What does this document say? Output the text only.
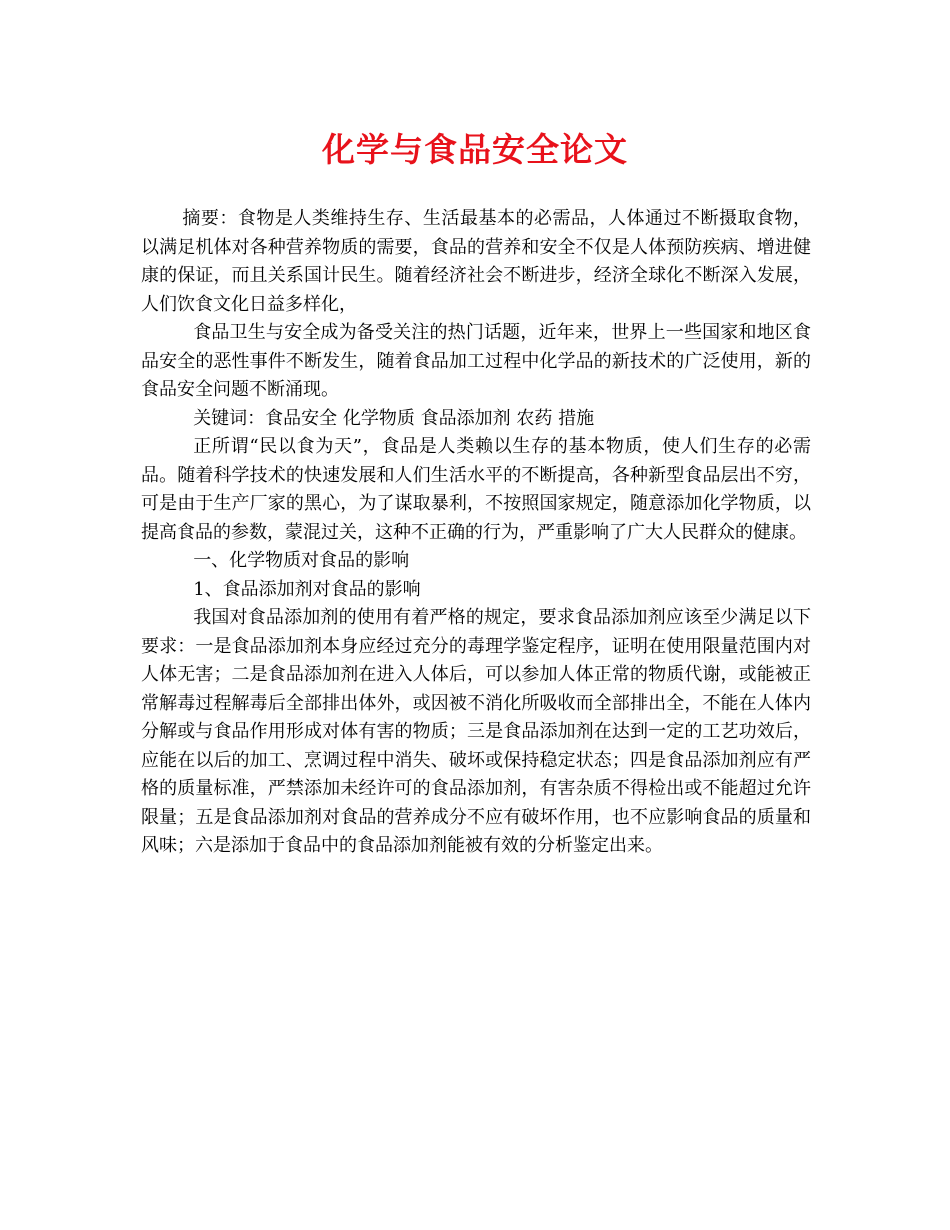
化学与食品安全论文

摘要：食物是人类维持生存、生活最基本的必需品，人体通过不断摄取食物，以满足机体对各种营养物质的需要，食品的营养和安全不仅是人体预防疾病、增进健康的保证，而且关系国计民生。随着经济社会不断进步，经济全球化不断深入发展，人们饮食文化日益多样化，

食品卫生与安全成为备受关注的热门话题，近年来，世界上一些国家和地区食品安全的恶性事件不断发生，随着食品加工过程中化学品的新技术的广泛使用，新的食品安全问题不断涌现。

关键词：食品安全 化学物质 食品添加剂 农药 措施

正所谓“民以食为天”，食品是人类赖以生存的基本物质，使人们生存的必需品。随着科学技术的快速发展和人们生活水平的不断提高，各种新型食品层出不穷，可是由于生产厂家的黑心，为了谋取暴利，不按照国家规定，随意添加化学物质，以提高食品的参数，蒙混过关，这种不正确的行为，严重影响了广大人民群众的健康。

一、化学物质对食品的影响

1、食品添加剂对食品的影响

我国对食品添加剂的使用有着严格的规定，要求食品添加剂应该至少满足以下要求：一是食品添加剂本身应经过充分的毒理学鉴定程序，证明在使用限量范围内对人体无害；二是食品添加剂在进入人体后，可以参加人体正常的物质代谢，或能被正常解毒过程解毒后全部排出体外，或因被不消化所吸收而全部排出全，不能在人体内分解或与食品作用形成对体有害的物质；三是食品添加剂在达到一定的工艺功效后，应能在以后的加工、烹调过程中消失、破坏或保持稳定状态；四是食品添加剂应有严格的质量标准，严禁添加未经许可的食品添加剂，有害杂质不得检出或不能超过允许限量；五是食品添加剂对食品的营养成分不应有破坏作用，也不应影响食品的质量和风味；六是添加于食品中的食品添加剂能被有效的分析鉴定出来。
